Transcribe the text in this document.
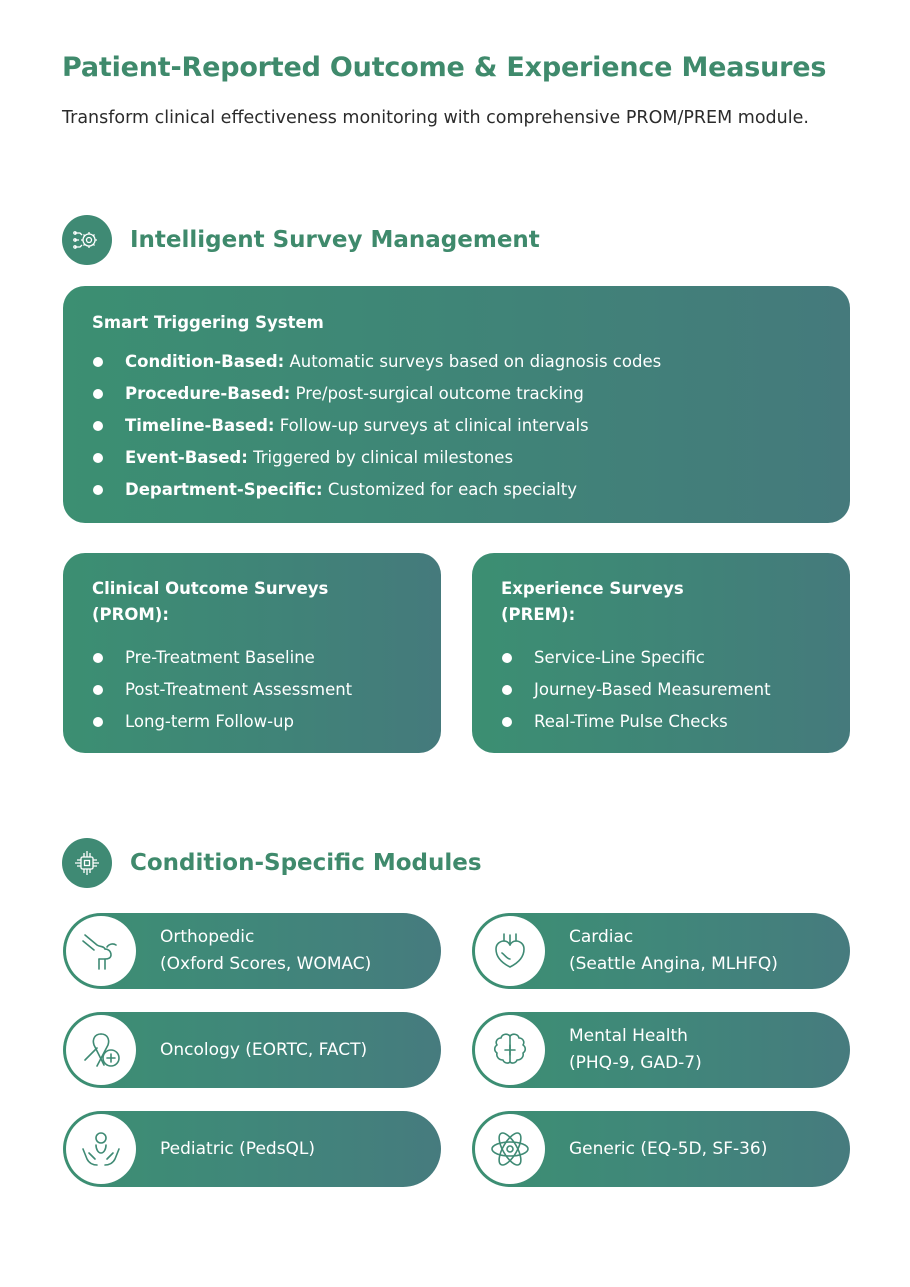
Patient-Reported Outcome & Experience Measures

Transform clinical effectiveness monitoring with comprehensive PROM/PREM module.

Intelligent Survey Management
Smart Triggering System
Condition-Based: Automatic surveys based on diagnosis codes
Procedure-Based: Pre/post-surgical outcome tracking
Timeline-Based: Follow-up surveys at clinical intervals
Event-Based: Triggered by clinical milestones
Department-Specific: Customized for each specialty
Clinical Outcome Surveys
(PROM):
Pre-Treatment Baseline
Post-Treatment Assessment
Long-term Follow-up
Experience Surveys
(PREM):
Service-Line Specific
Journey-Based Measurement
Real-Time Pulse Checks
Condition-Specific Modules
Orthopedic
(Oxford Scores, WOMAC)
Cardiac
(Seattle Angina, MLHFQ)
Oncology (EORTC, FACT)
Mental Health
(PHQ-9, GAD-7)
Pediatric (PedsQL)	Generic (EQ-5D, SF-36)
